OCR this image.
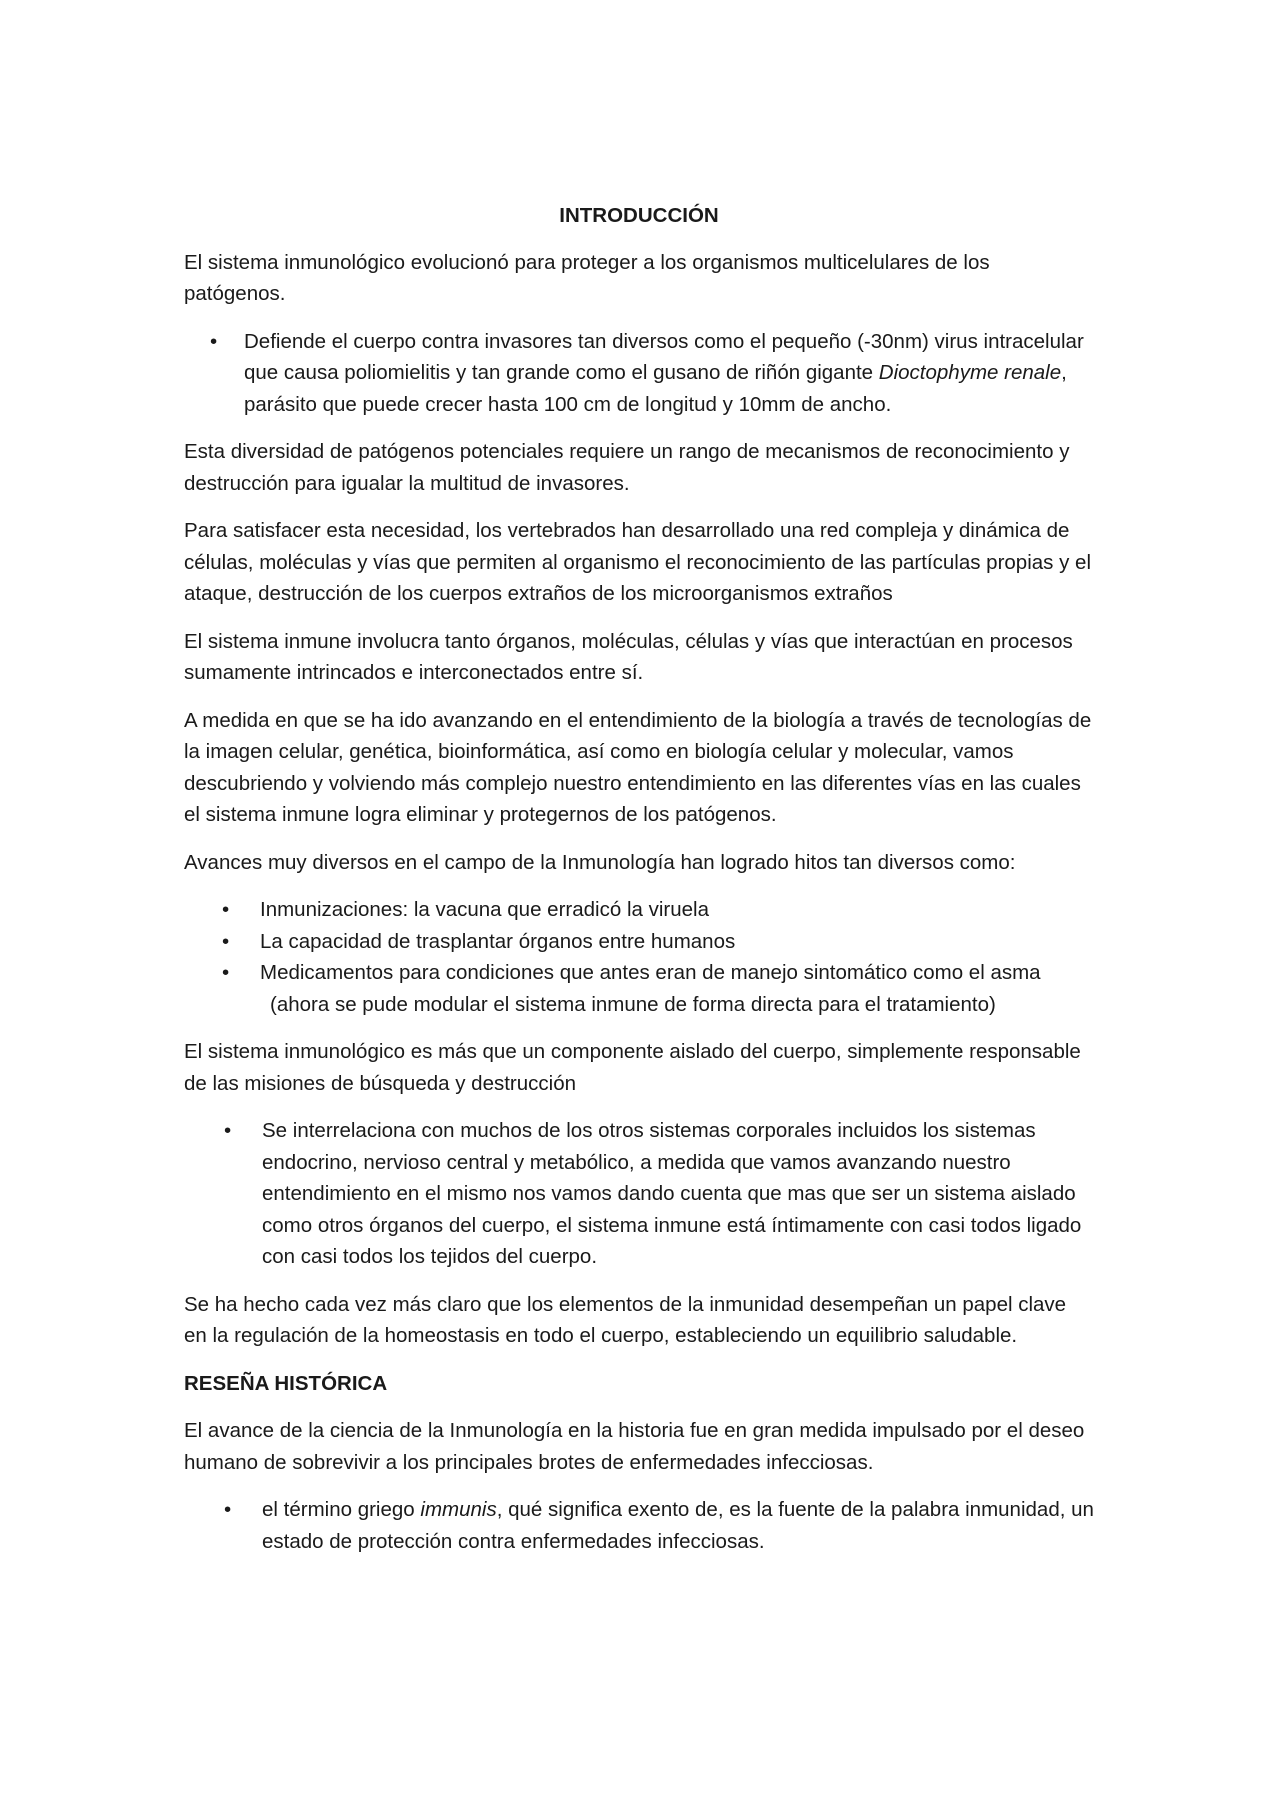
INTRODUCCIÓN

El sistema inmunológico evolucionó para proteger a los organismos multicelulares de los patógenos.

• Defiende el cuerpo contra invasores tan diversos como el pequeño (-30nm) virus intracelular que causa poliomielitis y tan grande como el gusano de riñón gigante Dioctophyme renale, parásito que puede crecer hasta 100 cm de longitud y 10mm de ancho.

Esta diversidad de patógenos potenciales requiere un rango de mecanismos de reconocimiento y destrucción para igualar la multitud de invasores.

Para satisfacer esta necesidad, los vertebrados han desarrollado una red compleja y dinámica de células, moléculas y vías que permiten al organismo el reconocimiento de las partículas propias y el ataque, destrucción de los cuerpos extraños de los microorganismos extraños

El sistema inmune involucra tanto órganos, moléculas, células y vías que interactúan en procesos sumamente intrincados e interconectados entre sí.

A medida en que se ha ido avanzando en el entendimiento de la biología a través de tecnologías de la imagen celular, genética, bioinformática, así como en biología celular y molecular, vamos descubriendo y volviendo más complejo nuestro entendimiento en las diferentes vías en las cuales el sistema inmune logra eliminar y protegernos de los patógenos.

Avances muy diversos en el campo de la Inmunología han logrado hitos tan diversos como:

• Inmunizaciones: la vacuna que erradicó la viruela
• La capacidad de trasplantar órganos entre humanos
• Medicamentos para condiciones que antes eran de manejo sintomático como el asma
(ahora se pude modular el sistema inmune de forma directa para el tratamiento)

El sistema inmunológico es más que un componente aislado del cuerpo, simplemente responsable de las misiones de búsqueda y destrucción

• Se interrelaciona con muchos de los otros sistemas corporales incluidos los sistemas endocrino, nervioso central y metabólico, a medida que vamos avanzando nuestro entendimiento en el mismo nos vamos dando cuenta que mas que ser un sistema aislado como otros órganos del cuerpo, el sistema inmune está íntimamente con casi todos ligado con casi todos los tejidos del cuerpo.

Se ha hecho cada vez más claro que los elementos de la inmunidad desempeñan un papel clave en la regulación de la homeostasis en todo el cuerpo, estableciendo un equilibrio saludable.

RESEÑA HISTÓRICA

El avance de la ciencia de la Inmunología en la historia fue en gran medida impulsado por el deseo humano de sobrevivir a los principales brotes de enfermedades infecciosas.

• el término griego immunis, qué significa exento de, es la fuente de la palabra inmunidad, un estado de protección contra enfermedades infecciosas.
